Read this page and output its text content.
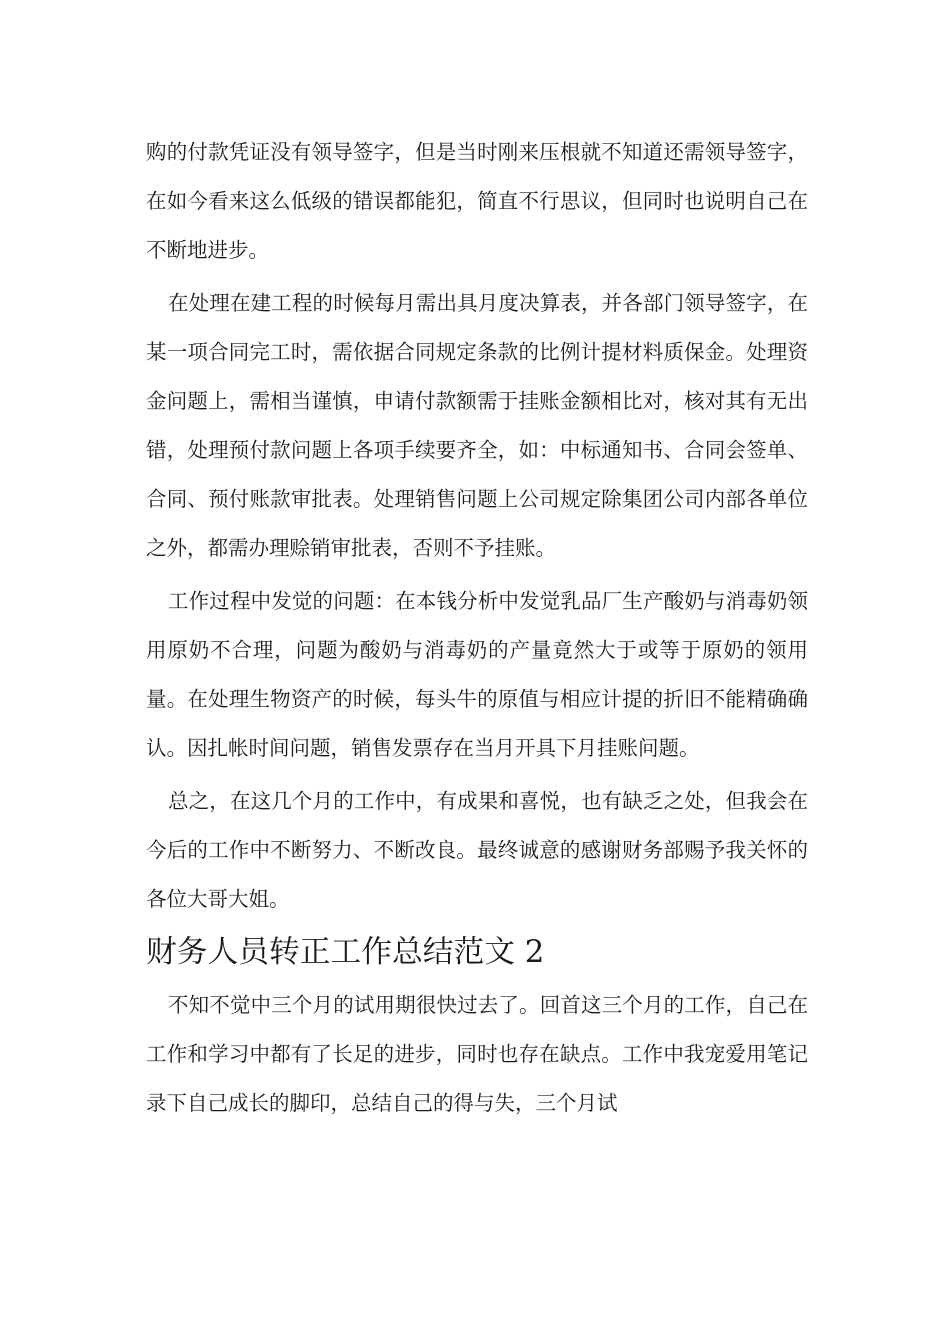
购的付款凭证没有领导签字，但是当时刚来压根就不知道还需领导签字，在如今看来这么低级的错误都能犯，简直不行思议，但同时也说明自己在不断地进步。

在处理在建工程的时候每月需出具月度决算表，并各部门领导签字，在某一项合同完工时，需依据合同规定条款的比例计提材料质保金。处理资金问题上，需相当谨慎，申请付款额需于挂账金额相比对，核对其有无出错，处理预付款问题上各项手续要齐全，如：中标通知书、合同会签单、合同、预付账款审批表。处理销售问题上公司规定除集团公司内部各单位之外，都需办理赊销审批表，否则不予挂账。

工作过程中发觉的问题：在本钱分析中发觉乳品厂生产酸奶与消毒奶领用原奶不合理，问题为酸奶与消毒奶的产量竟然大于或等于原奶的领用量。在处理生物资产的时候，每头牛的原值与相应计提的折旧不能精确确认。因扎帐时间问题，销售发票存在当月开具下月挂账问题。

总之，在这几个月的工作中，有成果和喜悦，也有缺乏之处，但我会在今后的工作中不断努力、不断改良。最终诚意的感谢财务部赐予我关怀的各位大哥大姐。

财务人员转正工作总结范文 2

不知不觉中三个月的试用期很快过去了。回首这三个月的工作，自己在工作和学习中都有了长足的进步，同时也存在缺点。工作中我宠爱用笔记录下自己成长的脚印，总结自己的得与失，三个月试
